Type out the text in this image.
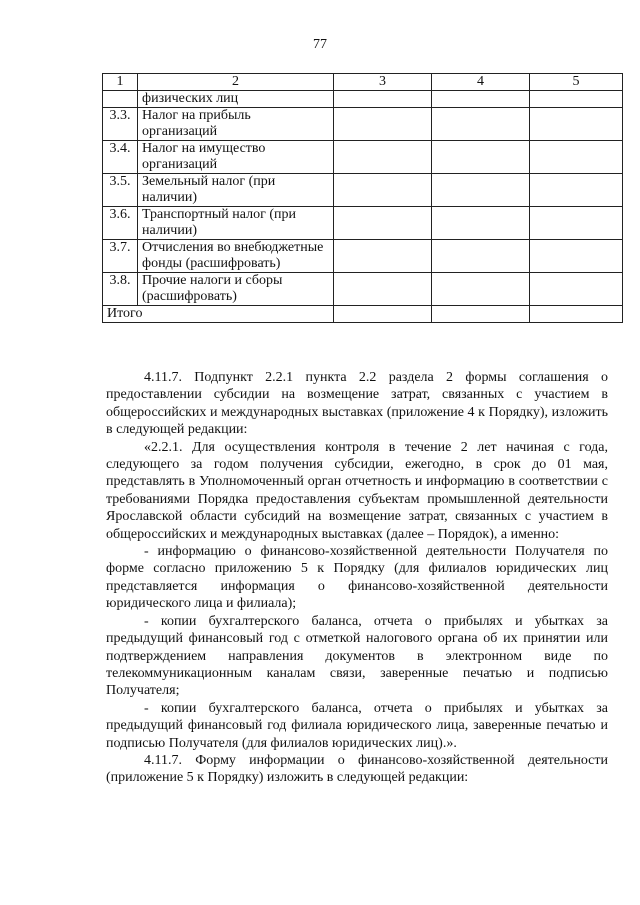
77
1	2	3	4	5
	физических лиц			
3.3.	Налог на прибыль организаций			
3.4.	Налог на имущество организаций			
3.5.	Земельный налог (при наличии)			
3.6.	Транспортный налог (при наличии)			
3.7.	Отчисления во внебюджетные фонды (расшифровать)			
3.8.	Прочие налоги и сборы (расшифровать)			
Итого				

4.11.7. Подпункт 2.2.1 пункта 2.2 раздела 2 формы соглашения о предоставлении субсидии на возмещение затрат, связанных с участием в общероссийских и международных выставках (приложение 4 к Порядку), изложить в следующей редакции:

«2.2.1. Для осуществления контроля в течение 2 лет начиная с года, следующего за годом получения субсидии, ежегодно, в срок до 01 мая, представлять в Уполномоченный орган отчетность и информацию в соответствии с требованиями Порядка предоставления субъектам промышленной деятельности Ярославской области субсидий на возмещение затрат, связанных с участием в общероссийских и международных выставках (далее – Порядок), а именно:

- информацию о финансово-хозяйственной деятельности Получателя по форме согласно приложению 5 к Порядку (для филиалов юридических лиц представляется информация о финансово-хозяйственной деятельности юридического лица и филиала);

- копии бухгалтерского баланса, отчета о прибылях и убытках за предыдущий финансовый год с отметкой налогового органа об их принятии или подтверждением направления документов в электронном виде по телекоммуникационным каналам связи, заверенные печатью и подписью Получателя;

- копии бухгалтерского баланса, отчета о прибылях и убытках за предыдущий финансовый год филиала юридического лица, заверенные печатью и подписью Получателя (для филиалов юридических лиц).».

4.11.7. Форму информации о финансово-хозяйственной деятельности (приложение 5 к Порядку) изложить в следующей редакции:
